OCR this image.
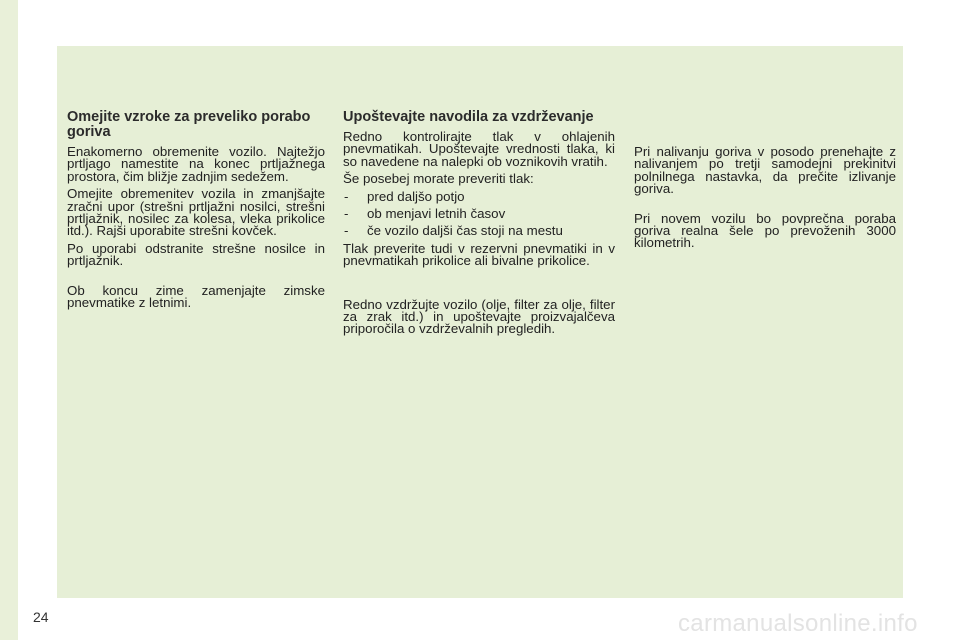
Omejite vzroke za preveliko porabo goriva

Enakomerno obremenite vozilo. Najtežjo prtljago namestite na konec prtljažnega prostora, čim bližje zadnjim sedežem.

Omejite obremenitev vozila in zmanjšajte zračni upor (strešni prtljažni nosilci, strešni prtljažnik, nosilec za kolesa, vleka prikolice itd.). Rajši uporabite strešni kovček.

Po uporabi odstranite strešne nosilce in prtljažnik.

Ob koncu zime zamenjajte zimske pnevmatike z letnimi.

Upoštevajte navodila za vzdrževanje

Redno kontrolirajte tlak v ohlajenih pnevmatikah. Upoštevajte vrednosti tlaka, ki so navedene na nalepki ob voznikovih vratih.

Še posebej morate preveriti tlak:

- pred daljšo potjo
- ob menjavi letnih časov
- če vozilo daljši čas stoji na mestu

Tlak preverite tudi v rezervni pnevmatiki in v pnevmatikah prikolice ali bivalne prikolice.

Redno vzdržujte vozilo (olje, filter za olje, filter za zrak itd.) in upoštevajte proizvajalčeva priporočila o vzdrževalnih pregledih.

Pri nalivanju goriva v posodo prenehajte z nalivanjem po tretji samodejni prekinitvi polnilnega nastavka, da prečite izlivanje goriva.

Pri novem vozilu bo povprečna poraba goriva realna šele po prevoženih 3000 kilometrih.

24	carmanualsonline.info
